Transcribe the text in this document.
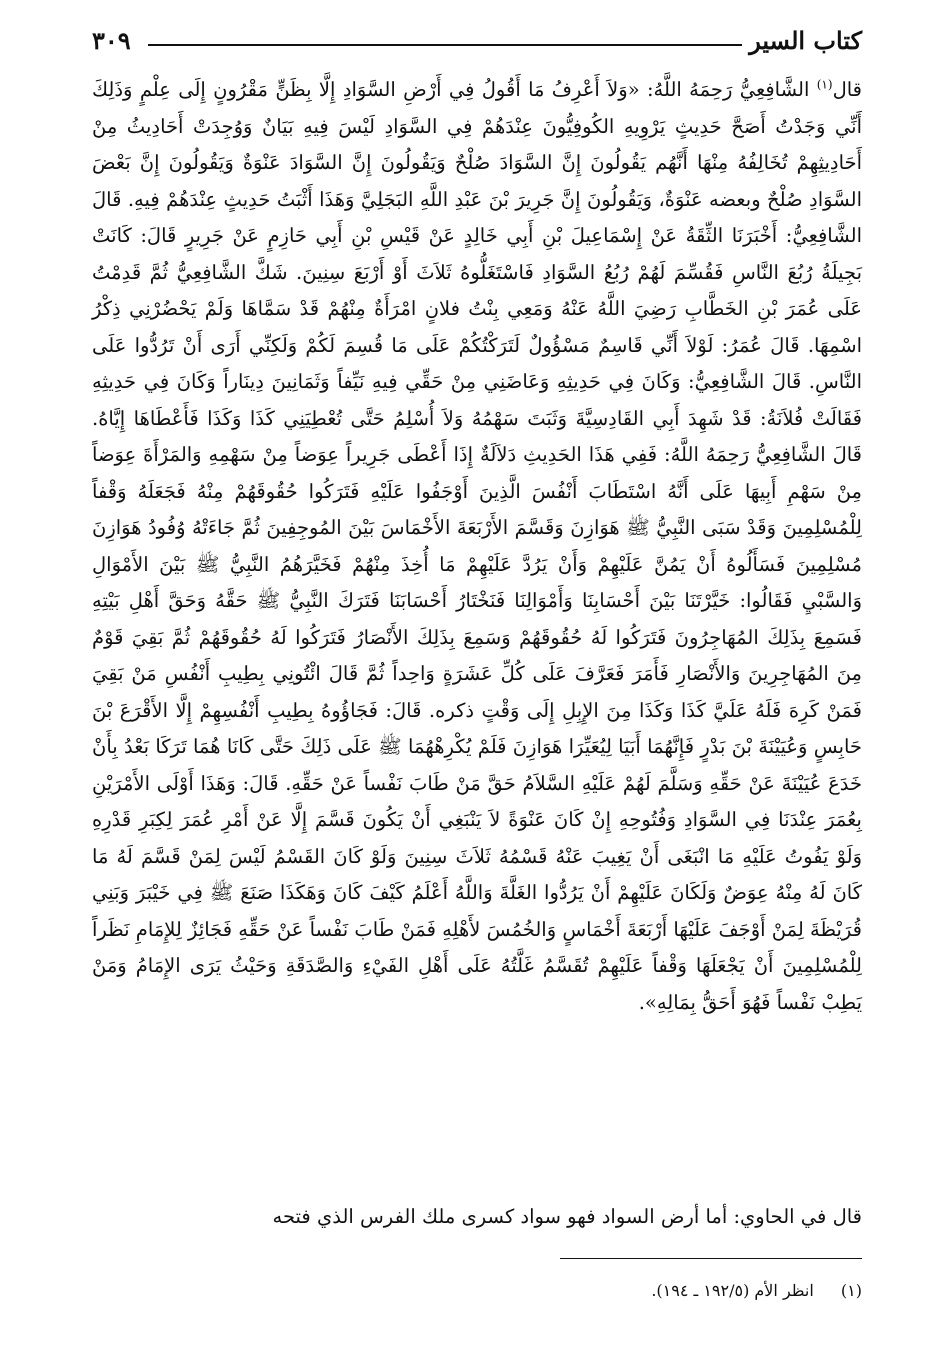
كتاب السير
٣٠٩

قال$^{(١)}$ الشَّافِعِيُّ رَحِمَهُ اللَّهُ: «وَلاَ أَعْرِفُ مَا أَقُولُ فِي أَرْضِ السَّوَادِ إِلَّا بِظَنٍّ مَقْرُونٍ إِلَى عِلْمٍ وَذَلِكَ أَنِّي وَجَدْتُ أَصَحَّ حَدِيثٍ يَرْوِيهِ الكُوفِيُّونَ عِنْدَهُمْ فِي السَّوَادِ لَيْسَ فِيهِ بَيَانٌ وَوُجِدَتْ أَحَادِيثُ مِنْ أَحَادِيثِهِمْ تُخَالِفُهُ مِنْهَا أَنَّهُم يَقُولُونَ إِنَّ السَّوَادَ صُلْحٌ وَيَقُولُونَ إِنَّ السَّوَادَ عَنْوَةٌ وَيَقُولُونَ إِنَّ بَعْضَ السَّوَادِ صُلْحٌ وبعضه عَنْوَةٌ، وَيَقُولُونَ إِنَّ جَرِيرَ بْنَ عَبْدِ اللَّهِ البَجَلِيَّ وَهَذَا أَثْبَتُ حَدِيثٍ عِنْدَهُمْ فِيهِ. قَالَ الشَّافِعِيُّ: أَخْبَرَنَا الثِّقَةُ عَنْ إِسْمَاعِيلَ بْنِ أَبِي خَالِدٍ عَنْ قَيْسِ بْنِ أَبِي حَازِمٍ عَنْ جَرِيرٍ قَالَ: كَانَتْ بَجِيلَةُ رُبُعَ النَّاسِ فَقُسِّمَ لَهُمْ رُبُعُ السَّوَادِ فَاسْتَغَلُّوهُ ثَلاَثَ أَوْ أَرْبَعَ سِنِينَ. شَكَّ الشَّافِعِيُّ ثُمَّ قَدِمْتُ عَلَى عُمَرَ بْنِ الخَطَّابِ رَضِيَ اللَّهُ عَنْهُ وَمَعِي بِنْتُ فلانٍ امْرَأَةٌ مِنْهُمْ قَدْ سَمَّاهَا وَلَمْ يَحْضُرْنِي ذِكْرُ اسْمِهَا. قَالَ عُمَرُ: لَوْلاَ أَنِّي قَاسِمٌ مَسْؤُولٌ لَتَرَكْتُكُمْ عَلَى مَا قُسِمَ لَكُمْ وَلَكِنِّي أَرَى أَنْ تَرُدُّوا عَلَى النَّاسِ. قَالَ الشَّافِعِيُّ: وَكَانَ فِي حَدِيثِهِ وَعَاضَنِي مِنْ حَقِّي فِيهِ نَيِّفاً وَثَمَانِينَ دِينَاراً وَكَانَ فِي حَدِيثِهِ فَقَالَتْ فُلاَنَةُ: قَدْ شَهِدَ أَبِي القَادِسِيَّةَ وَثَبَتَ سَهْمُهُ وَلاَ أُسْلِمُ حَتَّى تُعْطِيَنِي كَذَا وَكَذَا فَأَعْطَاهَا إِيَّاهُ. قَالَ الشَّافِعِيُّ رَحِمَهُ اللَّهُ: فَفِي هَذَا الحَدِيثِ دَلاَلَةٌ إِذَا أَعْطَى جَرِيراً عِوَضاً مِنْ سَهْمِهِ وَالمَرْأَةَ عِوَضاً مِنْ سَهْمِ أَبِيهَا عَلَى أَنَّهُ اسْتَطَابَ أَنْفُسَ الَّذِينَ أَوْجَفُوا عَلَيْهِ فَتَرَكُوا حُقُوقَهُمْ مِنْهُ فَجَعَلَهُ وَقْفاً لِلْمُسْلِمِينَ وَقَدْ سَبَى النَّبِيُّ ﷺ هَوَازِنَ وَقَسَّمَ الأَرْبَعَةَ الأَخْمَاسَ بَيْنَ المُوجِفِينَ ثُمَّ جَاءَتْهُ وُفُودُ هَوَازِنَ مُسْلِمِينَ فَسَأَلُوهُ أَنْ يَمُنَّ عَلَيْهِمْ وَأَنْ يَرُدَّ عَلَيْهِمْ مَا أُخِذَ مِنْهُمْ فَخَيَّرَهُمُ النَّبِيُّ ﷺ بَيْنَ الأَمْوَالِ وَالسَّبْيِ فَقَالُوا: خَيَّرْتَنَا بَيْنَ أَحْسَابِنَا وَأَمْوَالِنَا فَنَخْتَارُ أَحْسَابَنَا فَتَرَكَ النَّبِيُّ ﷺ حَقَّهُ وَحَقَّ أَهْلِ بَيْتِهِ فَسَمِعَ بِذَلِكَ المُهَاجِرُونَ فَتَرَكُوا لَهُ حُقُوقَهُمْ وَسَمِعَ بِذَلِكَ الأَنْصَارُ فَتَرَكُوا لَهُ حُقُوقَهُمْ ثُمَّ بَقِيَ قَوْمٌ مِنَ المُهَاجِرِينَ وَالأَنْصَارِ فَأَمَرَ فَعَرَّفَ عَلَى كُلِّ عَشَرَةٍ وَاحِداً ثُمَّ قَالَ ائْتُونِي بِطِيبِ أَنْفُسِ مَنْ بَقِيَ فَمَنْ كَرِهَ فَلَهُ عَلَيَّ كَذَا وَكَذَا مِنَ الإِبِلِ إِلَى وَقْتٍ ذكره. قَالَ: فَجَاؤُوهُ بِطِيبِ أَنْفُسِهِمْ إِلَّا الأَقْرَعَ بْنَ حَابِسٍ وَعُيَيْنَةَ بْنَ بَدْرٍ فَإِنَّهُمَا أَبَيَا لِيُعَيِّرَا هَوَازِنَ فَلَمْ يُكْرِهْهُمَا ﷺ عَلَى ذَلِكَ حَتَّى كَانَا هُمَا تَرَكَا بَعْدُ بِأَنْ خَدَعَ عُيَيْنَةَ عَنْ حَقِّهِ وَسَلَّمَ لَهُمْ عَلَيْهِ السَّلاَمُ حَقَّ مَنْ طَابَ نَفْساً عَنْ حَقِّهِ. قَالَ: وَهَذَا أَوْلَى الأَمْرَيْنِ بِعُمَرَ عِنْدَنَا فِي السَّوَادِ وَفُتُوحِهِ إِنْ كَانَ عَنْوَةً لاَ يَنْبَغِي أَنْ يَكُونَ قَسَّمَ إِلَّا عَنْ أَمْرِ عُمَرَ لِكِبَرِ قَدْرِهِ وَلَوْ يَفُوتُ عَلَيْهِ مَا انْبَغَى أَنْ يَغِيبَ عَنْهُ قَسْمُهُ ثَلاَثَ سِنِينَ وَلَوْ كَانَ القَسْمُ لَيْسَ لِمَنْ قَسَّمَ لَهُ مَا كَانَ لَهُ مِنْهُ عِوَضٌ وَلَكَانَ عَلَيْهِمْ أَنْ يَرُدُّوا الغَلَّةَ وَاللَّهُ أَعْلَمُ كَيْفَ كَانَ وَهَكَذَا صَنَعَ ﷺ فِي خَيْبَرَ وَبَنِي قُرَيْظَةَ لِمَنْ أَوْجَفَ عَلَيْهَا أَرْبَعَةَ أَخْمَاسٍ وَالخُمُسَ لأَهْلِهِ فَمَنْ طَابَ نَفْساً عَنْ حَقِّهِ فَجَائِزٌ لِلإِمَامِ نَظَراً لِلْمُسْلِمِينَ أَنْ يَجْعَلَهَا وَقْفاً عَلَيْهِمْ تُقَسَّمُ غَلَّتُهُ عَلَى أَهْلِ الفَيْءِ وَالصَّدَقَةِ وَحَيْثُ يَرَى الإِمَامُ وَمَنْ يَطِبْ نَفْساً فَهُوَ أَحَقُّ بِمَالِهِ».

قال في الحاوي: أما أرض السواد فهو سواد كسرى ملك الفرس الذي فتحه
(١) انظر الأم (١٩٢/٥ ـ ١٩٤).
